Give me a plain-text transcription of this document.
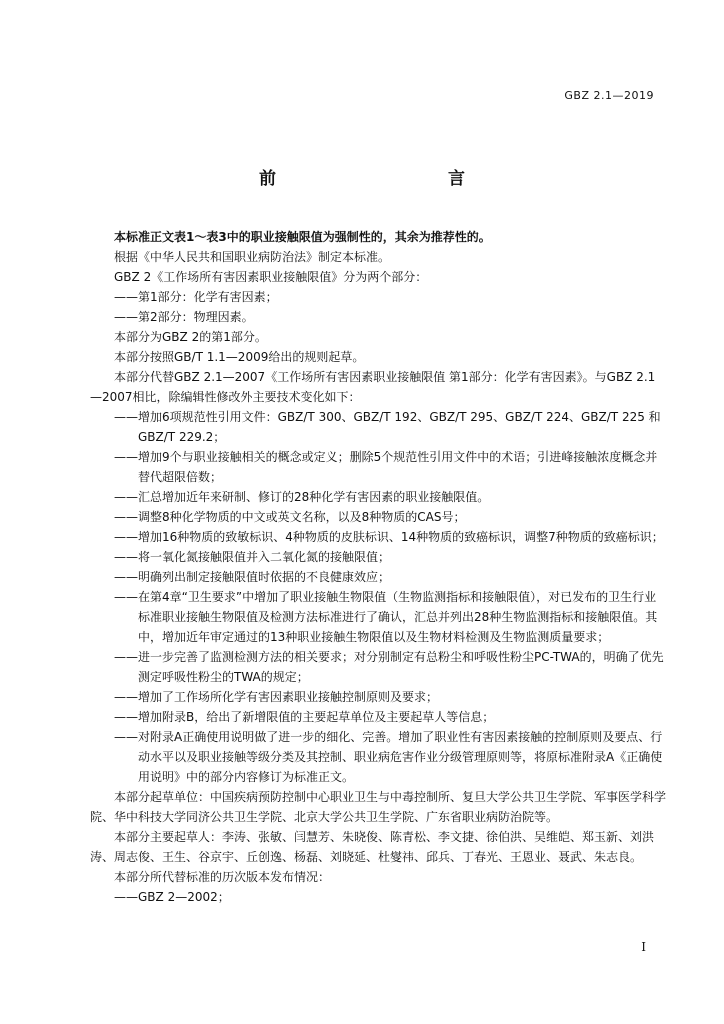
GBZ 2.1—2019
前　　言

本标准正文表1～表3中的职业接触限值为强制性的，其余为推荐性的。

根据《中华人民共和国职业病防治法》制定本标准。

GBZ 2《工作场所有害因素职业接触限值》分为两个部分：

——第1部分：化学有害因素；

——第2部分：物理因素。

本部分为GBZ 2的第1部分。

本部分按照GB/T 1.1—2009给出的规则起草。

本部分代替GBZ 2.1—2007《工作场所有害因素职业接触限值 第1部分：化学有害因素》。与GBZ 2.1—2007相比，除编辑性修改外主要技术变化如下：

——增加6项规范性引用文件：GBZ/T 300、GBZ/T 192、GBZ/T 295、GBZ/T 224、GBZ/T 225 和 GBZ/T 229.2；

——增加9个与职业接触相关的概念或定义；删除5个规范性引用文件中的术语；引进峰接触浓度概念并替代超限倍数；

——汇总增加近年来研制、修订的28种化学有害因素的职业接触限值。

——调整8种化学物质的中文或英文名称，以及8种物质的CAS号；

——增加16种物质的致敏标识、4种物质的皮肤标识、14种物质的致癌标识，调整7种物质的致癌标识；

——将一氧化氮接触限值并入二氧化氮的接触限值；

——明确列出制定接触限值时依据的不良健康效应；

——在第4章“卫生要求”中增加了职业接触生物限值（生物监测指标和接触限值），对已发布的卫生行业标准职业接触生物限值及检测方法标准进行了确认，汇总并列出28种生物监测指标和接触限值。其中，增加近年审定通过的13种职业接触生物限值以及生物材料检测及生物监测质量要求；

——进一步完善了监测检测方法的相关要求；对分别制定有总粉尘和呼吸性粉尘PC-TWA的，明确了优先测定呼吸性粉尘的TWA的规定；

——增加了工作场所化学有害因素职业接触控制原则及要求；

——增加附录B，给出了新增限值的主要起草单位及主要起草人等信息；

——对附录A正确使用说明做了进一步的细化、完善。增加了职业性有害因素接触的控制原则及要点、行动水平以及职业接触等级分类及其控制、职业病危害作业分级管理原则等，将原标准附录A《正确使用说明》中的部分内容修订为标准正文。

本部分起草单位：中国疾病预防控制中心职业卫生与中毒控制所、复旦大学公共卫生学院、军事医学科学院、华中科技大学同济公共卫生学院、北京大学公共卫生学院、广东省职业病防治院等。

本部分主要起草人：李涛、张敏、闫慧芳、朱晓俊、陈青松、李文捷、徐伯洪、吴维皑、郑玉新、刘洪涛、周志俊、王生、谷京宇、丘创逸、杨磊、刘晓延、杜燮祎、邱兵、丁春光、王恩业、聂武、朱志良。

本部分所代替标准的历次版本发布情况：

——GBZ 2—2002；

I
